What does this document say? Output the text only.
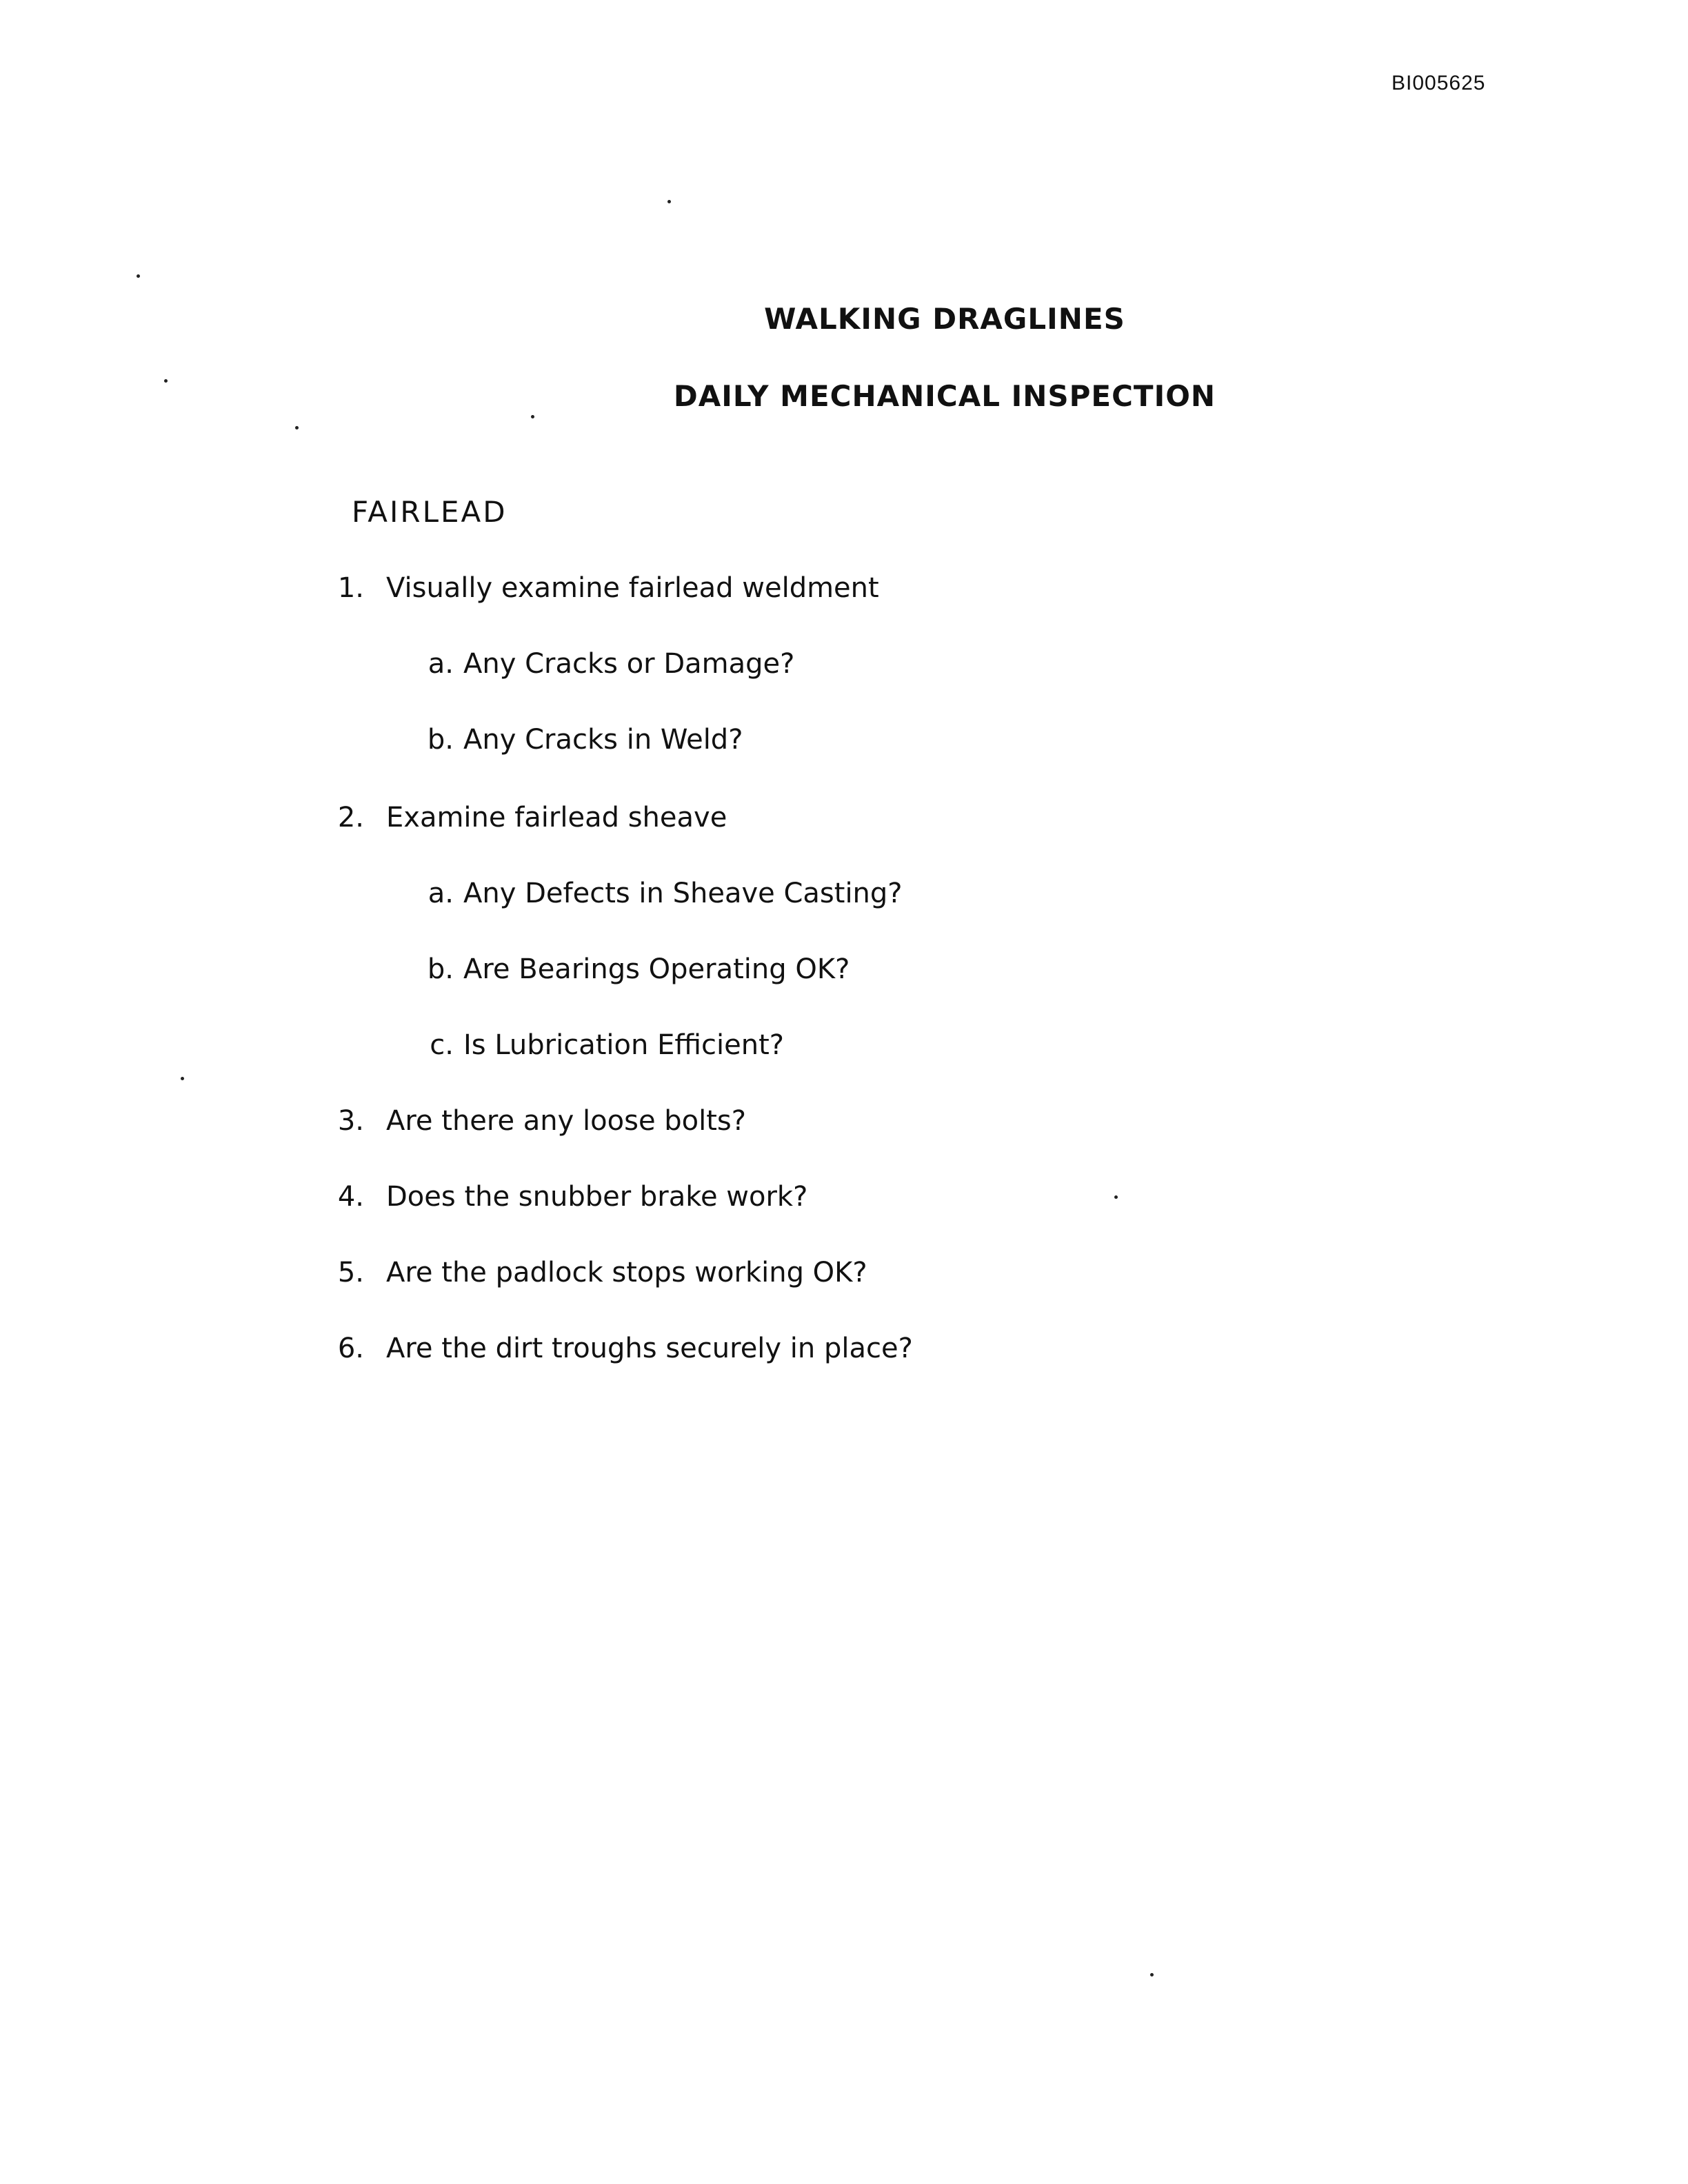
BI005625
WALKING DRAGLINES
DAILY MECHANICAL INSPECTION
FAIRLEAD
1. Visually examine fairlead weldment
a. Any Cracks or Damage?
b. Any Cracks in Weld?
2. Examine fairlead sheave
a. Any Defects in Sheave Casting?
b. Are Bearings Operating OK?
c. Is Lubrication Efficient?
3. Are there any loose bolts?
4. Does the snubber brake work?
5. Are the padlock stops working OK?
6. Are the dirt troughs securely in place?
